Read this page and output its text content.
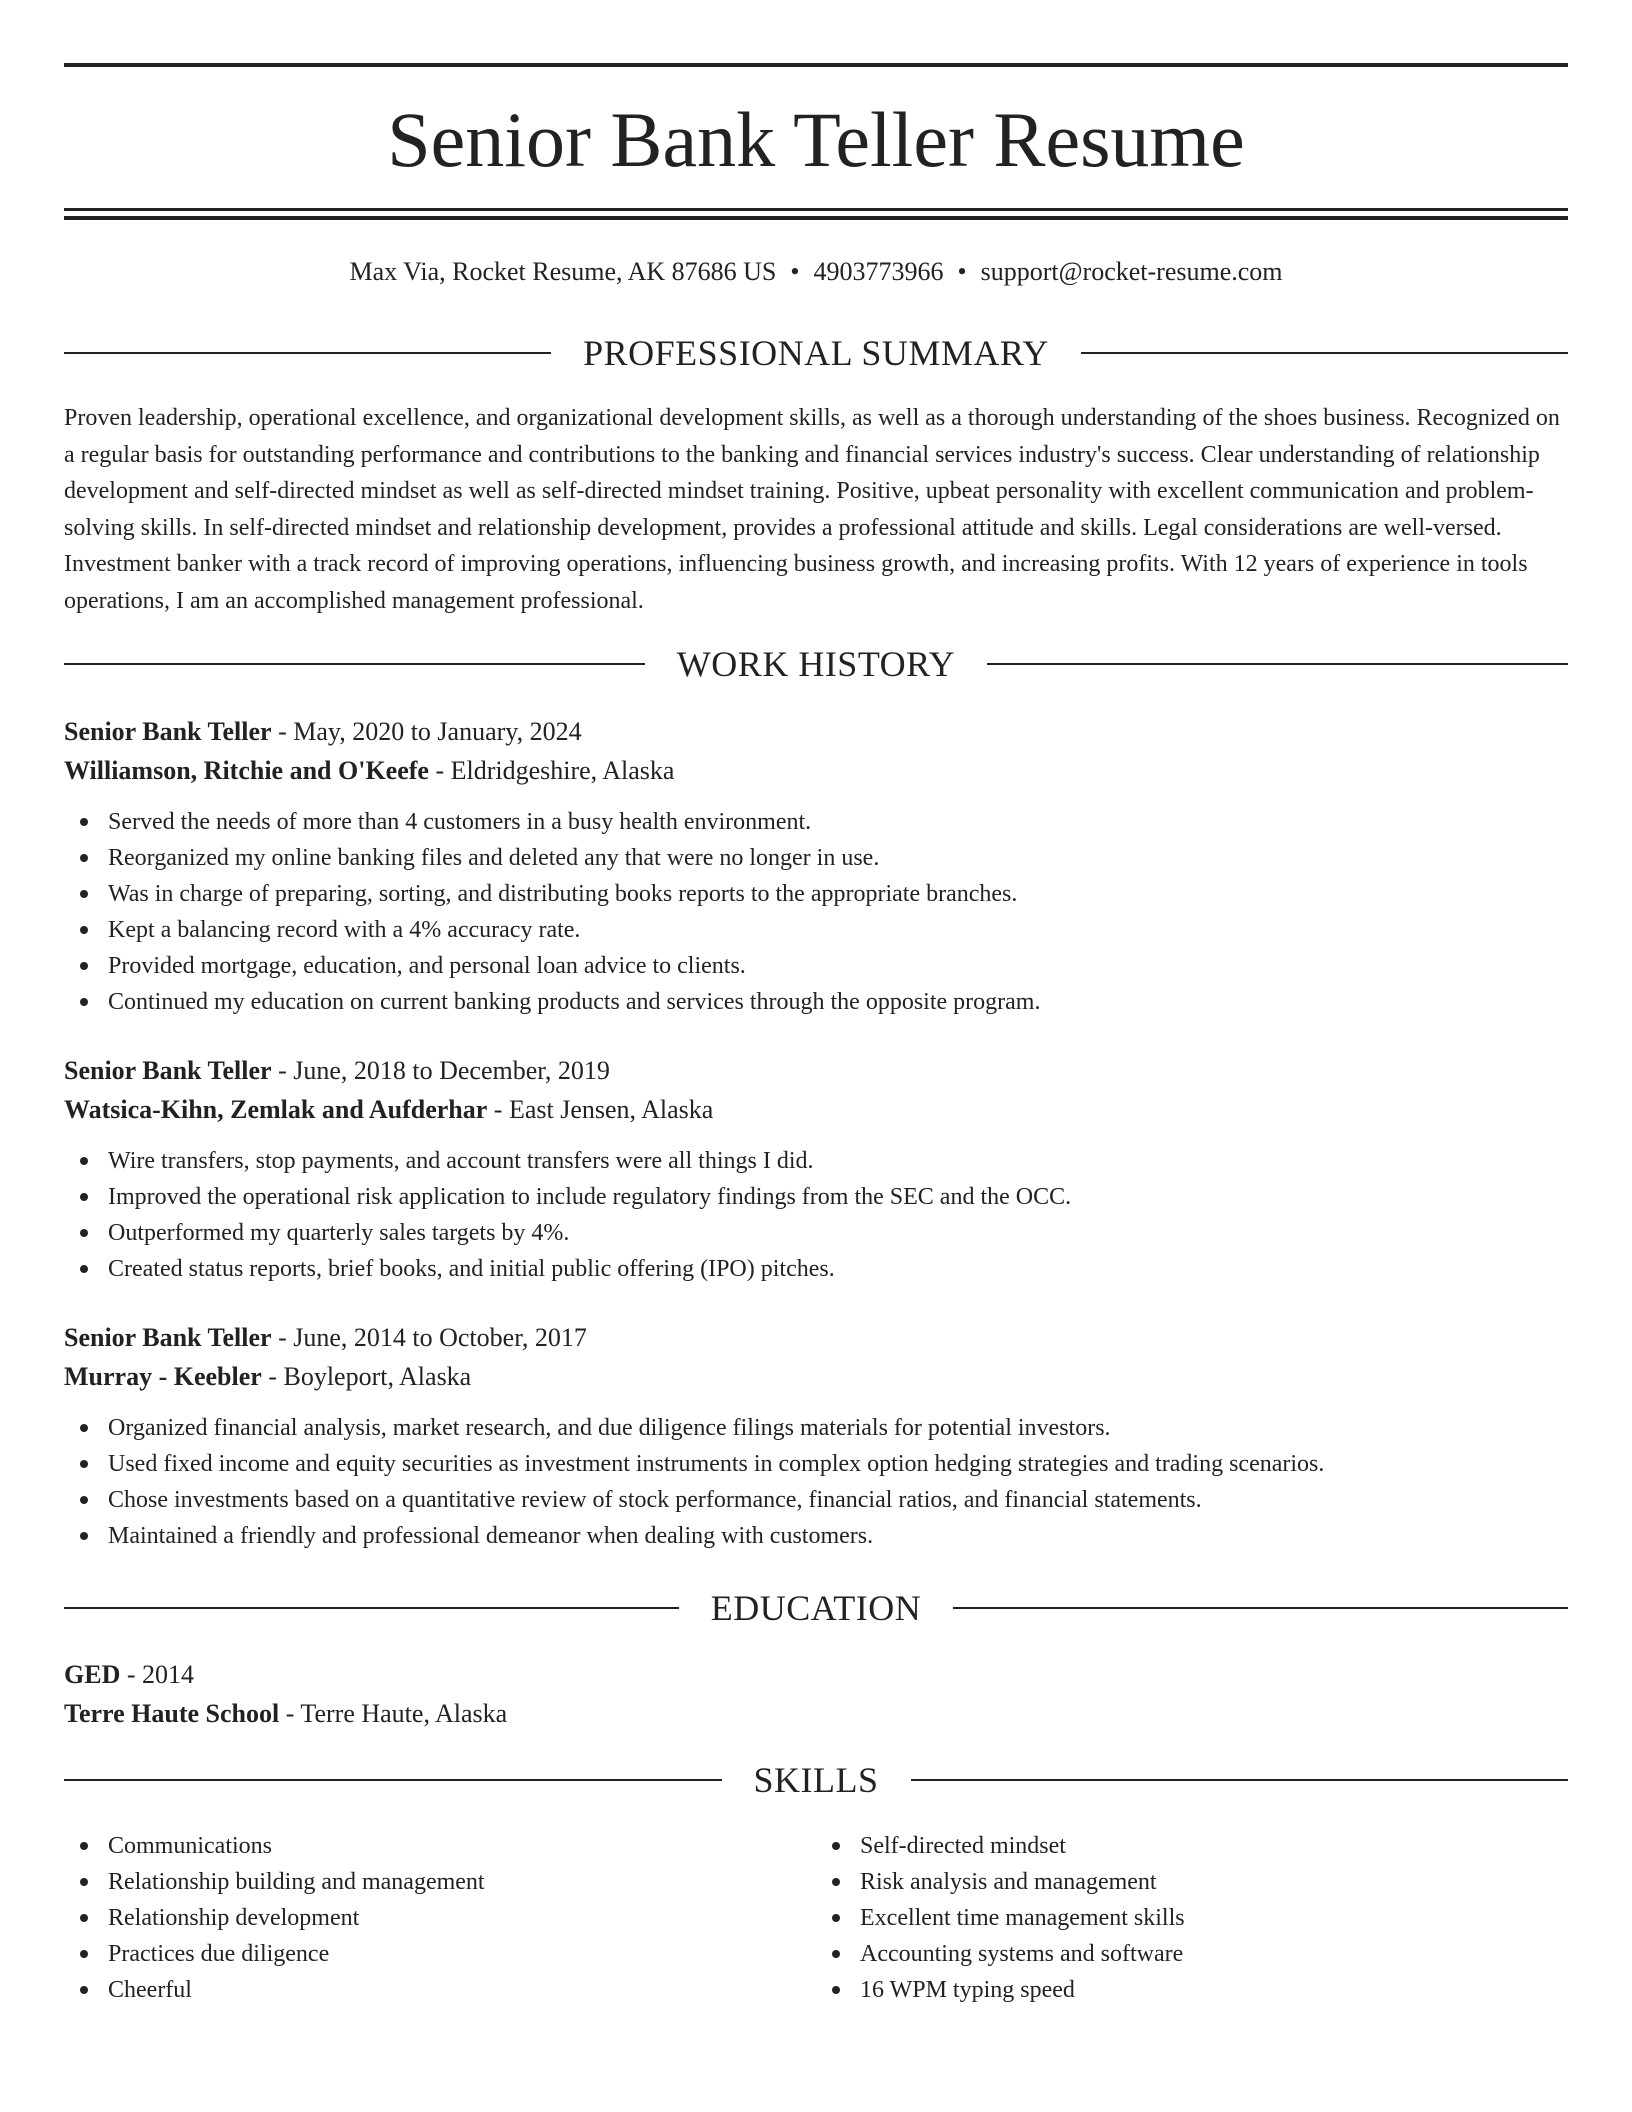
Senior Bank Teller Resume
Max Via, Rocket Resume, AK 87686 US • 4903773966 • support@rocket-resume.com
PROFESSIONAL SUMMARY

Proven leadership, operational excellence, and organizational development skills, as well as a thorough understanding of the shoes business. Recognized on a regular basis for outstanding performance and contributions to the banking and financial services industry's success. Clear understanding of relationship development and self-directed mindset as well as self-directed mindset training. Positive, upbeat personality with excellent communication and problem-solving skills. In self-directed mindset and relationship development, provides a professional attitude and skills. Legal considerations are well-versed. Investment banker with a track record of improving operations, influencing business growth, and increasing profits. With 12 years of experience in tools operations, I am an accomplished management professional.

WORK HISTORY
Senior Bank Teller - May, 2020 to January, 2024
Williamson, Ritchie and O'Keefe - Eldridgeshire, Alaska
Served the needs of more than 4 customers in a busy health environment.
Reorganized my online banking files and deleted any that were no longer in use.
Was in charge of preparing, sorting, and distributing books reports to the appropriate branches.
Kept a balancing record with a 4% accuracy rate.
Provided mortgage, education, and personal loan advice to clients.
Continued my education on current banking products and services through the opposite program.
Senior Bank Teller - June, 2018 to December, 2019
Watsica-Kihn, Zemlak and Aufderhar - East Jensen, Alaska
Wire transfers, stop payments, and account transfers were all things I did.
Improved the operational risk application to include regulatory findings from the SEC and the OCC.
Outperformed my quarterly sales targets by 4%.
Created status reports, brief books, and initial public offering (IPO) pitches.
Senior Bank Teller - June, 2014 to October, 2017
Murray - Keebler - Boyleport, Alaska
Organized financial analysis, market research, and due diligence filings materials for potential investors.
Used fixed income and equity securities as investment instruments in complex option hedging strategies and trading scenarios.
Chose investments based on a quantitative review of stock performance, financial ratios, and financial statements.
Maintained a friendly and professional demeanor when dealing with customers.
EDUCATION
GED - 2014
Terre Haute School - Terre Haute, Alaska
SKILLS
Communications
Relationship building and management
Relationship development
Practices due diligence
Cheerful
Self-directed mindset
Risk analysis and management
Excellent time management skills
Accounting systems and software
16 WPM typing speed
